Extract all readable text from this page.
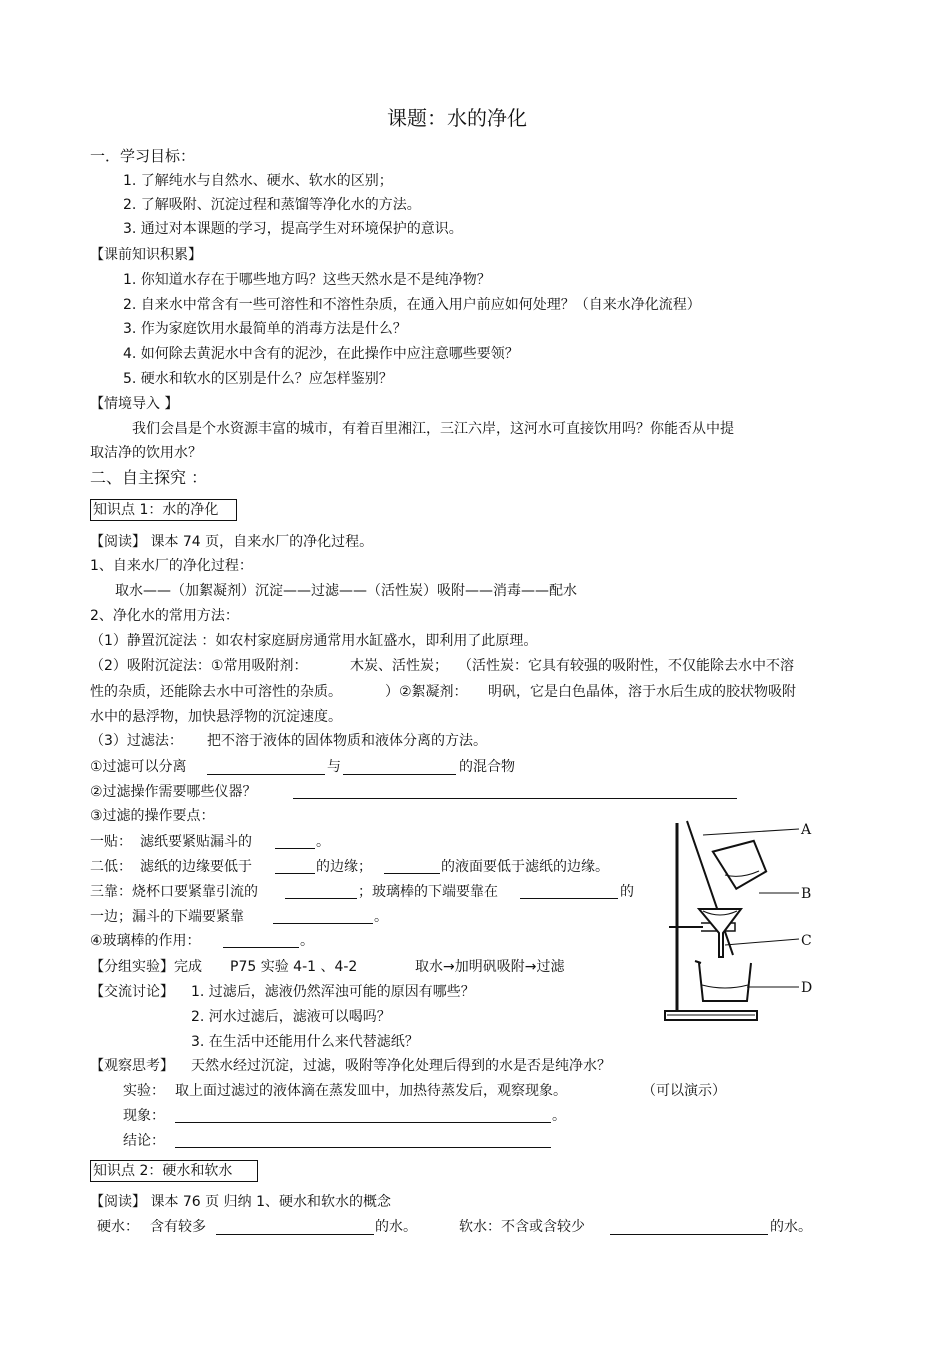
课题：水的净化
一．学习目标：
1. 了解纯水与自然水、硬水、软水的区别；
2. 了解吸附、沉淀过程和蒸馏等净化水的方法。
3. 通过对本课题的学习，提高学生对环境保护的意识。
【课前知识积累】
1. 你知道水存在于哪些地方吗？这些天然水是不是纯净物？
2. 自来水中常含有一些可溶性和不溶性杂质，在通入用户前应如何处理？（自来水净化流程）
3. 作为家庭饮用水最简单的消毒方法是什么？
4. 如何除去黄泥水中含有的泥沙，在此操作中应注意哪些要领？
5. 硬水和软水的区别是什么？应怎样鉴别？
【情境导入 】
我们会昌是个水资源丰富的城市，有着百里湘江，三江六岸，这河水可直接饮用吗？你能否从中提
取洁净的饮用水？
二、自主探究 ：
知识点 1：水的净化
【阅读】 课本 74 页，自来水厂的净化过程。
1、自来水厂的净化过程：
取水——（加絮凝剂）沉淀——过滤——（活性炭）吸附——消毒——配水
2、净化水的常用方法：
（1）静置沉淀法 ：如农村家庭厨房通常用水缸盛水，即利用了此原理。
（2）吸附沉淀法：①常用吸附剂：	木炭、活性炭； （活性炭：它具有较强的吸附性，不仅能除去水中不溶
性的杂质，还能除去水中可溶性的杂质。	）②絮凝剂： 明矾，它是白色晶体，溶于水后生成的胶状物吸附
水中的悬浮物，加快悬浮物的沉淀速度。
（3）过滤法： 把不溶于液体的固体物质和液体分离的方法。
①过滤可以分离	与	的混合物
②过滤操作需要哪些仪器？
③过滤的操作要点：
一贴： 滤纸要紧贴漏斗的	。
二低： 滤纸的边缘要低于	的边缘；	的液面要低于滤纸的边缘。
三靠：烧杯口要紧靠引流的	；玻璃棒的下端要靠在	的
一边；漏斗的下端要紧靠	。
④玻璃棒的作用：	。
【分组实验】完成 P75 实验 4-1 、4-2	取水→加明矾吸附→过滤
【交流讨论】 1. 过滤后，滤液仍然浑浊可能的原因有哪些？
2. 河水过滤后，滤液可以喝吗？
3. 在生活中还能用什么来代替滤纸？
【观察思考】 天然水经过沉淀，过滤，吸附等净化处理后得到的水是否是纯净水？
实验： 取上面过滤过的液体滴在蒸发皿中，加热待蒸发后，观察现象。	（可以演示）
现象：	。
结论：
知识点 2：硬水和软水
【阅读】 课本 76 页 归纳 1、硬水和软水的概念
硬水： 含有较多	的水。	软水：不含或含较少	的水。
A
B
C
D
